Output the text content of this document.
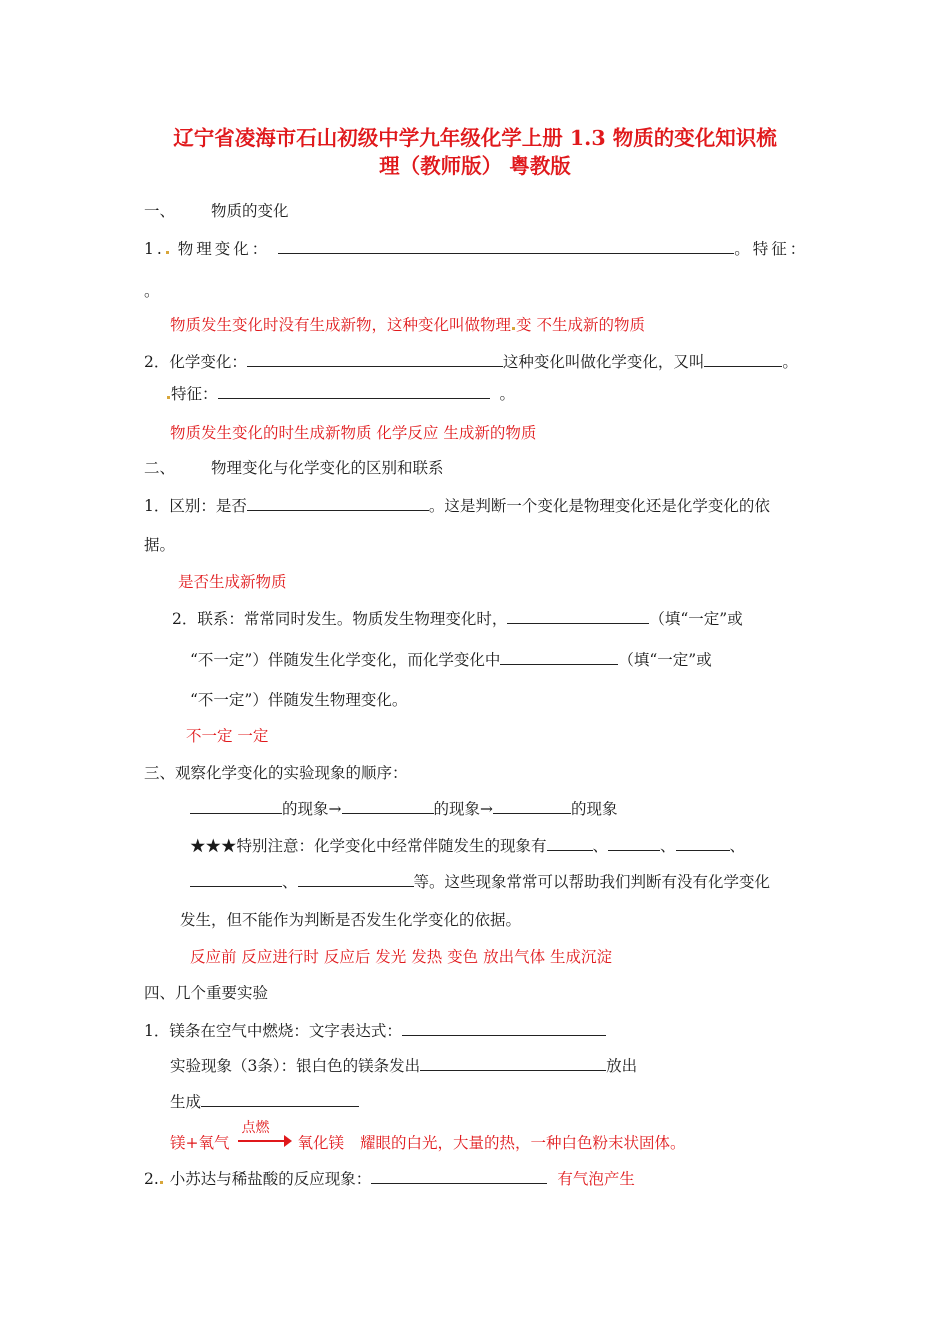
辽宁省凌海市石山初级中学九年级化学上册 1.3 物质的变化知识梳
理（教师版） 粤教版
一、 物质的变化
1. 物理变化：	。特征：
。
物质发生变化时没有生成新物，这种变化叫做物理 变 不生成新的物质
2．化学变化：	这种变化叫做化学变化，又叫	。
特征：	。
物质发生变化的时生成新物质 化学反应 生成新的物质
二、 物理变化与化学变化的区别和联系
1．区别：是否	。这是判断一个变化是物理变化还是化学变化的依
据。
是否生成新物质
2．联系：常常同时发生。物质发生物理变化时，	（填“一定”或
“不一定”）伴随发生化学变化，而化学变化中	（填“一定”或
“不一定”）伴随发生物理变化。
不一定 一定
三、观察化学变化的实验现象的顺序：
的现象→	的现象→	的现象
★★★特别注意：化学变化中经常伴随发生的现象有	、	、	、
、	等。这些现象常常可以帮助我们判断有没有化学变化
发生，但不能作为判断是否发生化学变化的依据。
反应前 反应进行时 反应后 发光 发热 变色 放出气体 生成沉淀
四、几个重要实验
1．镁条在空气中燃烧：文字表达式：
实验现象（3条）：银白色的镁条发出	放出
生成
镁+氧气
点燃
氧化镁 耀眼的白光，大量的热，一种白色粉末状固体。
2. 小苏达与稀盐酸的反应现象：	有气泡产生
